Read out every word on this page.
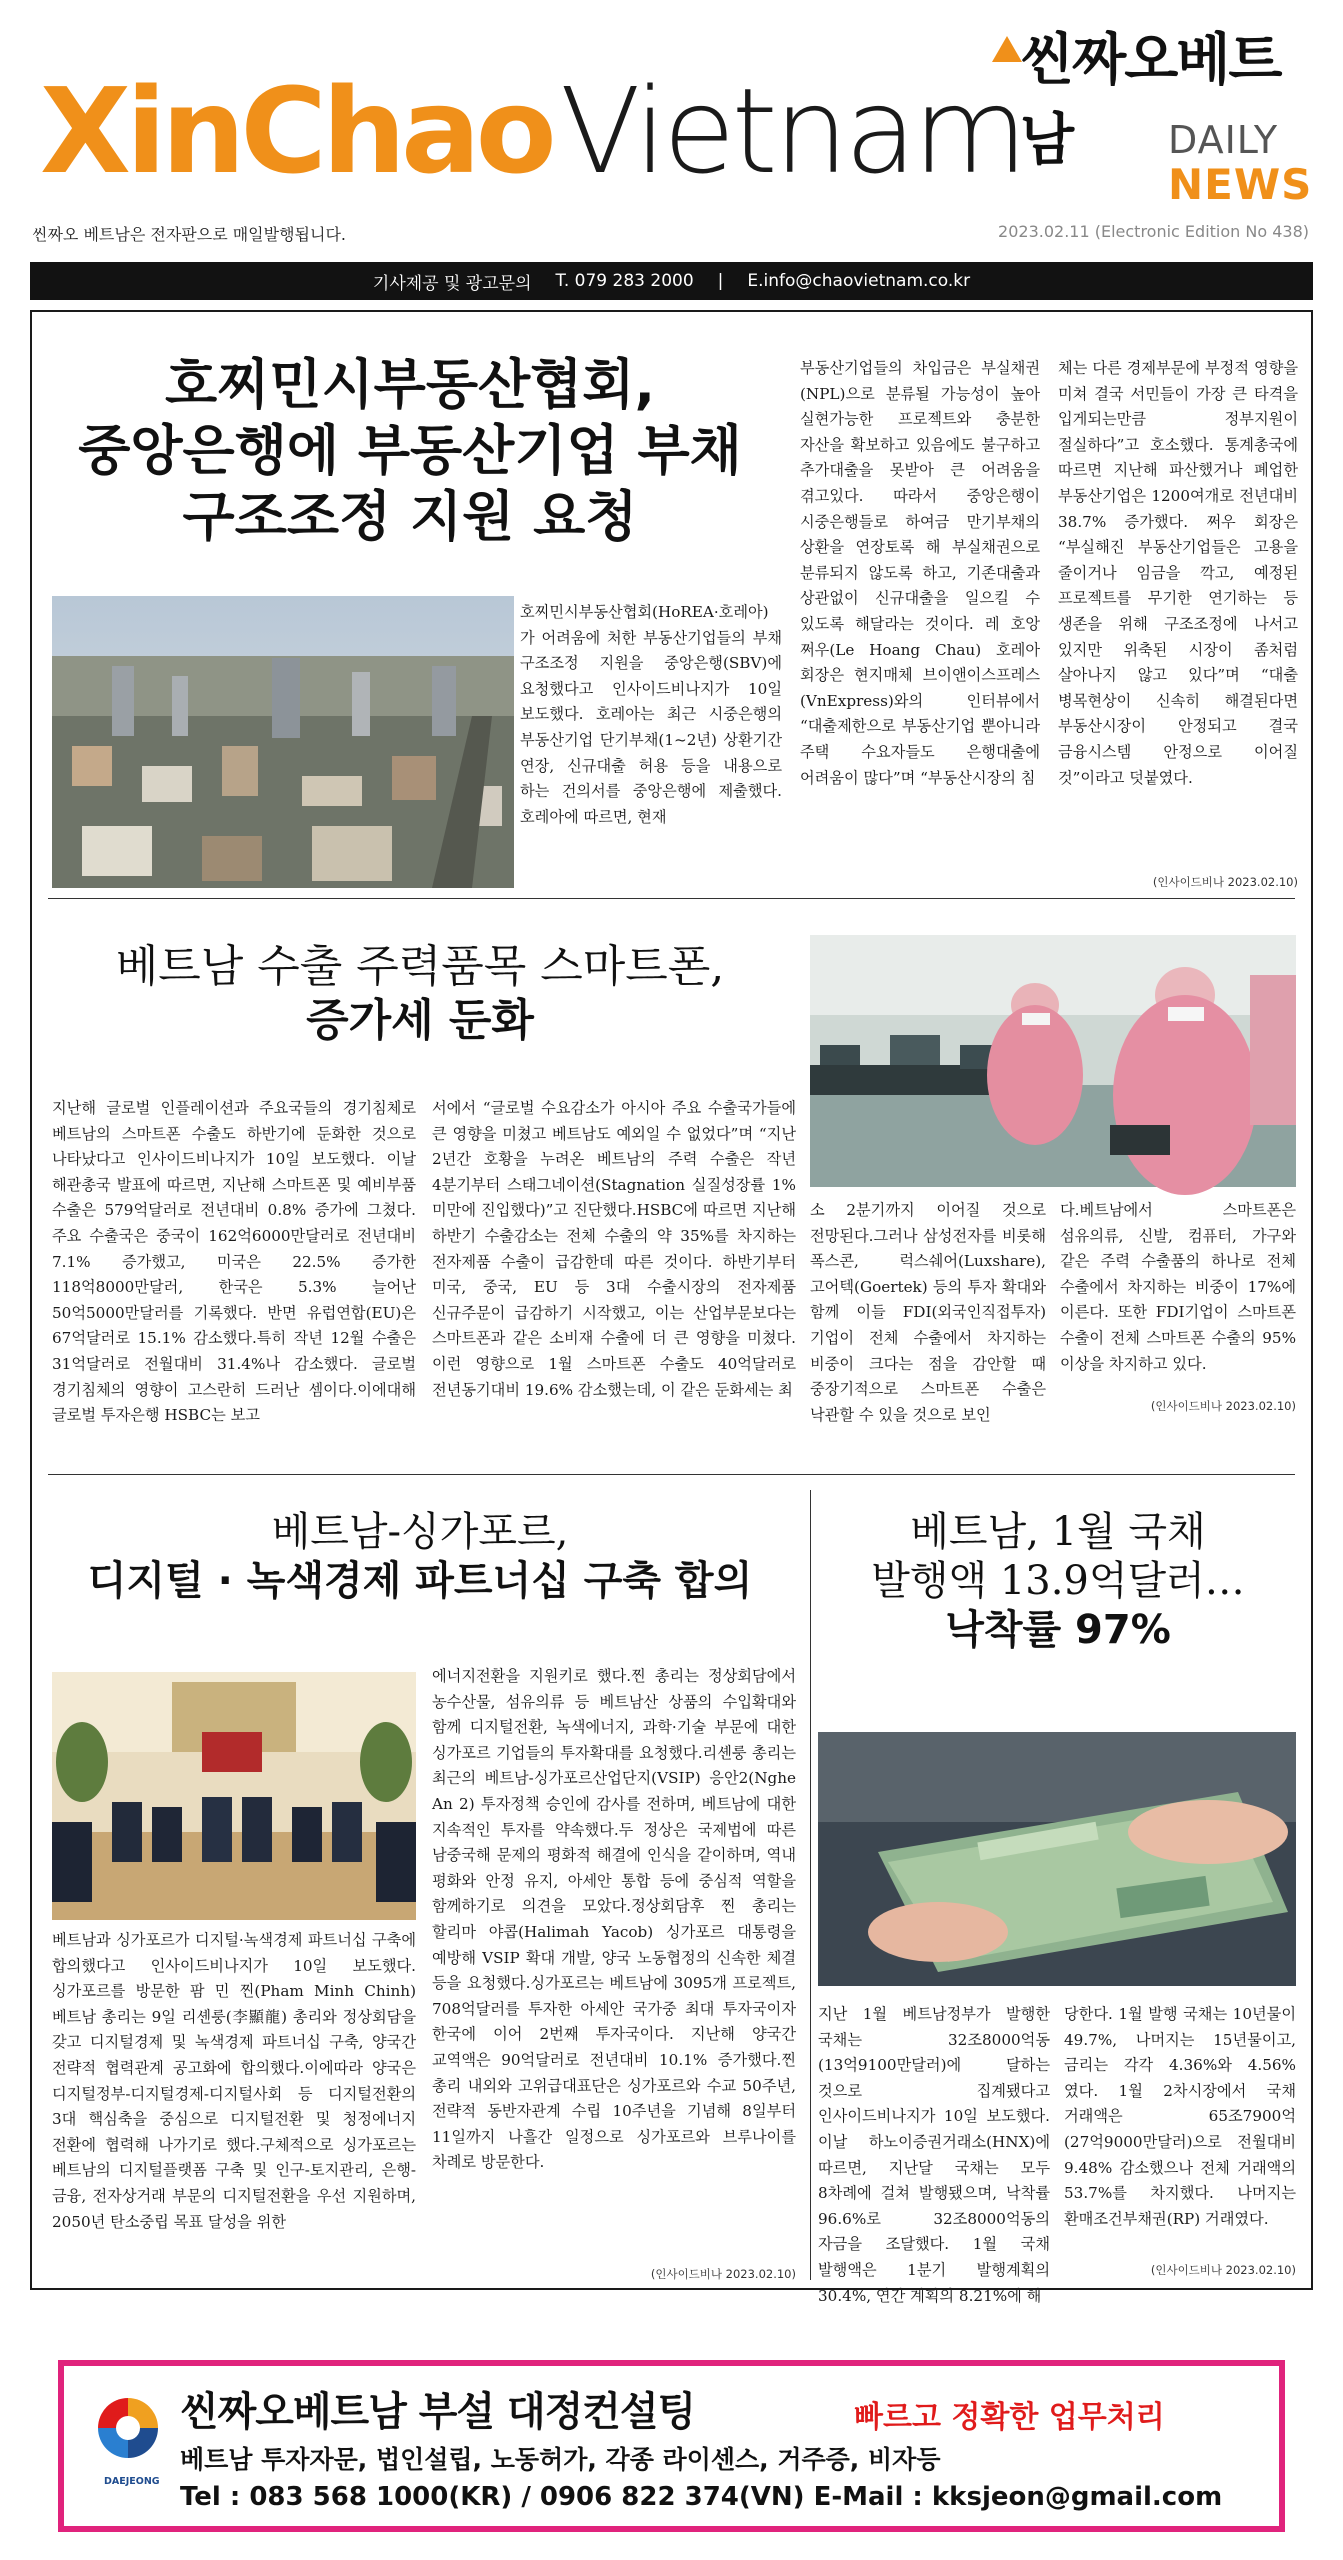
씬짜오베트남
XinChao Vietnam	DAILY
NEWS
씬짜오 베트남은 전자판으로 매일발행됩니다.	2023.02.11 (Electronic Edition No 438)
기사제공 및 광고문의 T. 079 283 2000 | E.info@chaovietnam.co.kr
호찌민시부동산협회,
중앙은행에 부동산기업 부채
구조조정 지원 요청
호찌민시부동산협회(HoREA·호레아)가 어려움에 처한 부동산기업들의 부채 구조조정 지원을 중앙은행(SBV)에 요청했다고 인사이드비나지가 10일 보도했다. 호레아는 최근 시중은행의 부동산기업 단기부채(1~2년) 상환기간 연장, 신규대출 허용 등을 내용으로 하는 건의서를 중앙은행에 제출했다. 호레아에 따르면, 현재
부동산기업들의 차입금은 부실채권(NPL)으로 분류될 가능성이 높아 실현가능한 프로젝트와 충분한 자산을 확보하고 있음에도 불구하고 추가대출을 못받아 큰 어려움을 겪고있다. 따라서 중앙은행이 시중은행들로 하여금 만기부채의 상환을 연장토록 해 부실채권으로 분류되지 않도록 하고, 기존대출과 상관없이 신규대출을 일으킬 수 있도록 해달라는 것이다. 레 호앙 쩌우(Le Hoang Chau) 호레아 회장은 현지매체 브이앤이스프레스(VnExpress)와의 인터뷰에서 “대출제한으로 부동산기업 뿐아니라 주택 수요자들도 은행대출에 어려움이 많다”며 “부동산시장의 침
체는 다른 경제부문에 부정적 영향을 미쳐 결국 서민들이 가장 큰 타격을 입게되는만큼 정부지원이 절실하다”고 호소했다. 통계총국에 따르면 지난해 파산했거나 폐업한 부동산기업은 1200여개로 전년대비 38.7% 증가했다. 쩌우 회장은 “부실해진 부동산기업들은 고용을 줄이거나 임금을 깍고, 예정된 프로젝트를 무기한 연기하는 등 생존을 위해 구조조정에 나서고 있지만 위축된 시장이 좀처럼 살아나지 않고 있다”며 “대출 병목현상이 신속히 해결된다면 부동산시장이 안정되고 결국 금융시스템 안정으로 이어질 것”이라고 덧붙였다.
(인사이드비나 2023.02.10)
베트남 수출 주력품목 스마트폰,
증가세 둔화
지난해 글로벌 인플레이션과 주요국들의 경기침체로 베트남의 스마트폰 수출도 하반기에 둔화한 것으로 나타났다고 인사이드비나지가 10일 보도했다. 이날 해관총국 발표에 따르면, 지난해 스마트폰 및 예비부품 수출은 579억달러로 전년대비 0.8% 증가에 그쳤다.주요 수출국은 중국이 162억6000만달러로 전년대비 7.1% 증가했고, 미국은 22.5% 증가한 118억8000만달러, 한국은 5.3% 늘어난 50억5000만달러를 기록했다. 반면 유럽연합(EU)은 67억달러로 15.1% 감소했다.특히 작년 12월 수출은 31억달러로 전월대비 31.4%나 감소했다. 글로벌 경기침체의 영향이 고스란히 드러난 셈이다.이에대해 글로벌 투자은행 HSBC는 보고
서에서 “글로벌 수요감소가 아시아 주요 수출국가들에 큰 영향을 미쳤고 베트남도 예외일 수 없었다”며 “지난 2년간 호황을 누려온 베트남의 주력 수출은 작년 4분기부터 스태그네이션(Stagnation 실질성장률 1% 미만에 진입했다)”고 진단했다.HSBC에 따르면 지난해 하반기 수출감소는 전체 수출의 약 35%를 차지하는 전자제품 수출이 급감한데 따른 것이다. 하반기부터 미국, 중국, EU 등 3대 수출시장의 전자제품 신규주문이 급감하기 시작했고, 이는 산업부문보다는 스마트폰과 같은 소비재 수출에 더 큰 영향을 미쳤다.이런 영향으로 1월 스마트폰 수출도 40억달러로 전년동기대비 19.6% 감소했는데, 이 같은 둔화세는 최
소 2분기까지 이어질 것으로 전망된다.그러나 삼성전자를 비롯해 폭스콘, 럭스쉐어(Luxshare), 고어텍(Goertek) 등의 투자 확대와 함께 이들 FDI(외국인직접투자) 기업이 전체 수출에서 차지하는 비중이 크다는 점을 감안할 때 중장기적으로 스마트폰 수출은 낙관할 수 있을 것으로 보인
다.베트남에서 스마트폰은 섬유의류, 신발, 컴퓨터, 가구와 같은 주력 수출품의 하나로 전체 수출에서 차지하는 비중이 17%에 이른다. 또한 FDI기업이 스마트폰 수출이 전체 스마트폰 수출의 95% 이상을 차지하고 있다.
(인사이드비나 2023.02.10)
베트남-싱가포르,
디지털 · 녹색경제 파트너십 구축 합의
베트남과 싱가포르가 디지털·녹색경제 파트너십 구축에 합의했다고 인사이드비나지가 10일 보도했다. 싱가포르를 방문한 팜 민 찐(Pham Minh Chinh) 베트남 총리는 9일 리셴룽(李顯龍) 총리와 정상회담을 갖고 디지털경제 및 녹색경제 파트너십 구축, 양국간 전략적 협력관계 공고화에 합의했다.이에따라 양국은 디지털정부-디지털경제-디지털사회 등 디지털전환의 3대 핵심축을 중심으로 디지털전환 및 청정에너지 전환에 협력해 나가기로 했다.구체적으로 싱가포르는 베트남의 디지털플랫폼 구축 및 인구-토지관리, 은행-금융, 전자상거래 부문의 디지털전환을 우선 지원하며, 2050년 탄소중립 목표 달성을 위한
에너지전환을 지원키로 했다.찐 총리는 정상회담에서 농수산물, 섬유의류 등 베트남산 상품의 수입확대와 함께 디지털전환, 녹색에너지, 과학·기술 부문에 대한 싱가포르 기업들의 투자확대를 요청했다.리셴룽 총리는 최근의 베트남-싱가포르산업단지(VSIP) 응안2(Nghe An 2) 투자정책 승인에 감사를 전하며, 베트남에 대한 지속적인 투자를 약속했다.두 정상은 국제법에 따른 남중국해 문제의 평화적 해결에 인식을 같이하며, 역내 평화와 안정 유지, 아세안 통합 등에 중심적 역할을 함께하기로 의견을 모았다.정상회담후 찐 총리는 할리마 야콥(Halimah Yacob) 싱가포르 대통령을 예방해 VSIP 확대 개발, 양국 노동협정의 신속한 체결 등을 요청했다.싱가포르는 베트남에 3095개 프로젝트, 708억달러를 투자한 아세안 국가중 최대 투자국이자 한국에 이어 2번째 투자국이다. 지난해 양국간 교역액은 90억달러로 전년대비 10.1% 증가했다.찐 총리 내외와 고위급대표단은 싱가포르와 수교 50주년, 전략적 동반자관계 수립 10주년을 기념해 8일부터 11일까지 나흘간 일정으로 싱가포르와 브루나이를 차례로 방문한다.
(인사이드비나 2023.02.10)
베트남, 1월 국채
발행액 13.9억달러…
낙착률 97%
지난 1월 베트남정부가 발행한 국채는 32조8000억동(13억9100만달러)에 달하는 것으로 집계됐다고 인사이드비나지가 10일 보도했다. 이날 하노이증권거래소(HNX)에 따르면, 지난달 국채는 모두 8차례에 걸쳐 발행됐으며, 낙착률 96.6%로 32조8000억동의 자금을 조달했다. 1월 국채 발행액은 1분기 발행계획의 30.4%, 연간 계획의 8.21%에 해
당한다. 1월 발행 국채는 10년물이 49.7%, 나머지는 15년물이고, 금리는 각각 4.36%와 4.56%였다. 1월 2차시장에서 국채 거래액은 65조7900억(27억9000만달러)으로 전월대비 9.48% 감소했으나 전체 거래액의 53.7%를 차지했다. 나머지는 환매조건부채권(RP) 거래였다.
(인사이드비나 2023.02.10)
DAEJEONG
씬짜오베트남 부설 대정컨설팅	빠르고 정확한 업무처리
베트남 투자자문, 법인설립, 노동허가, 각종 라이센스, 거주증, 비자등
Tel : 083 568 1000(KR) / 0906 822 374(VN) E-Mail : kksjeon@gmail.com
